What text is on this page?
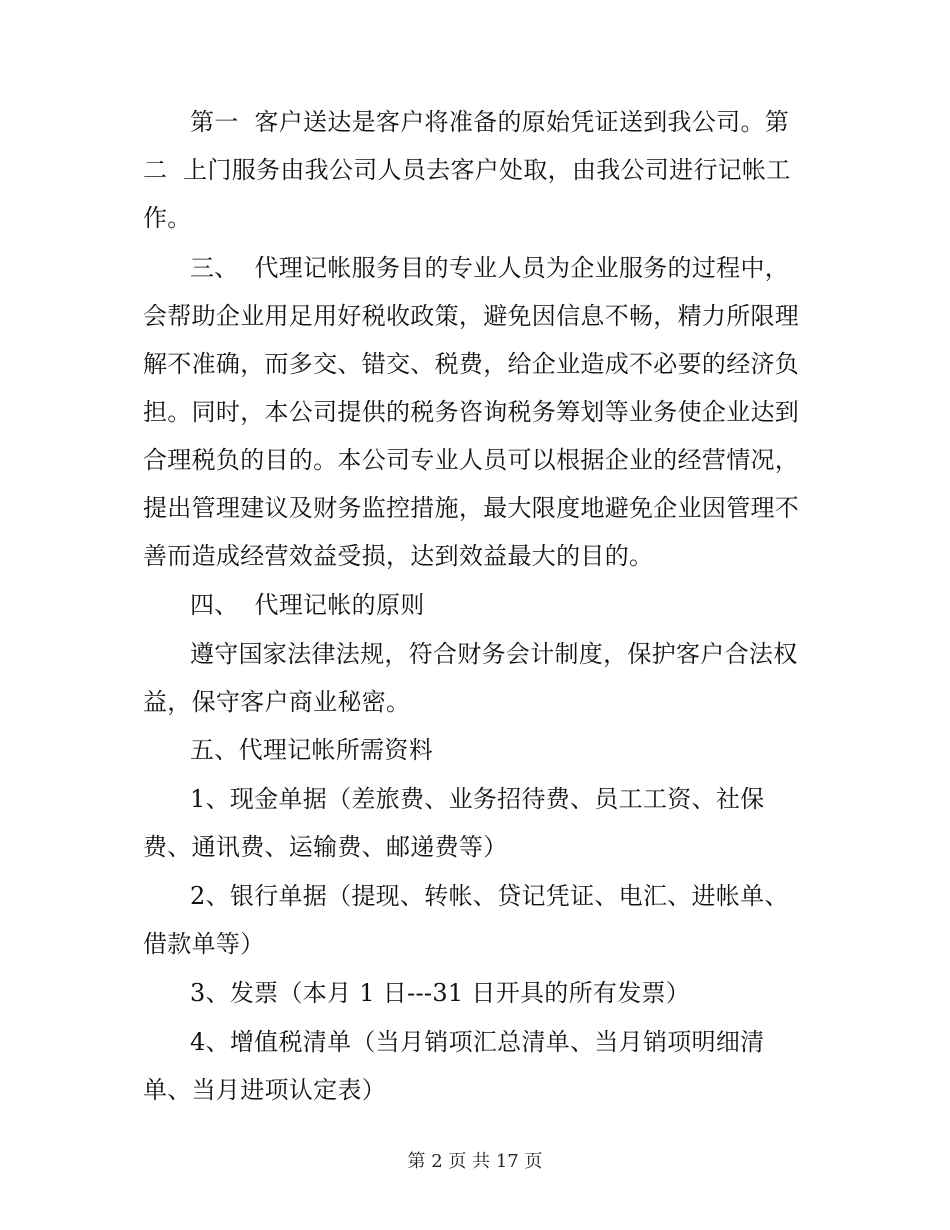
第一  客户送达是客户将准备的原始凭证送到我公司。第
二  上门服务由我公司人员去客户处取，由我公司进行记帐工
作。
三、  代理记帐服务目的专业人员为企业服务的过程中，
会帮助企业用足用好税收政策，避免因信息不畅，精力所限理
解不准确，而多交、错交、税费，给企业造成不必要的经济负
担。同时，本公司提供的税务咨询税务筹划等业务使企业达到
合理税负的目的。本公司专业人员可以根据企业的经营情况，
提出管理建议及财务监控措施，最大限度地避免企业因管理不
善而造成经营效益受损，达到效益最大的目的。
四、  代理记帐的原则
遵守国家法律法规，符合财务会计制度，保护客户合法权
益，保守客户商业秘密。
五、代理记帐所需资料
1、现金单据（差旅费、业务招待费、员工工资、社保
费、通讯费、运输费、邮递费等）
2、银行单据（提现、转帐、贷记凭证、电汇、进帐单、
借款单等）
3、发票（本月 1 日---31 日开具的所有发票）
4、增值税清单（当月销项汇总清单、当月销项明细清
单、当月进项认定表）
第 2 页 共 17 页
